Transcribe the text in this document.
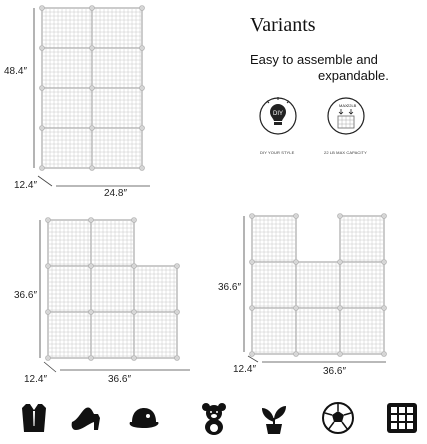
48.4″
12.4″
24.8″
Variants
Easy to assemble and
expandable.
DIY
DIY YOUR STYLE
MAX 22LB
22 LB MAX CAPACITY
36.6″
12.4″	36.6″
36.6″
12.4″	36.6″
